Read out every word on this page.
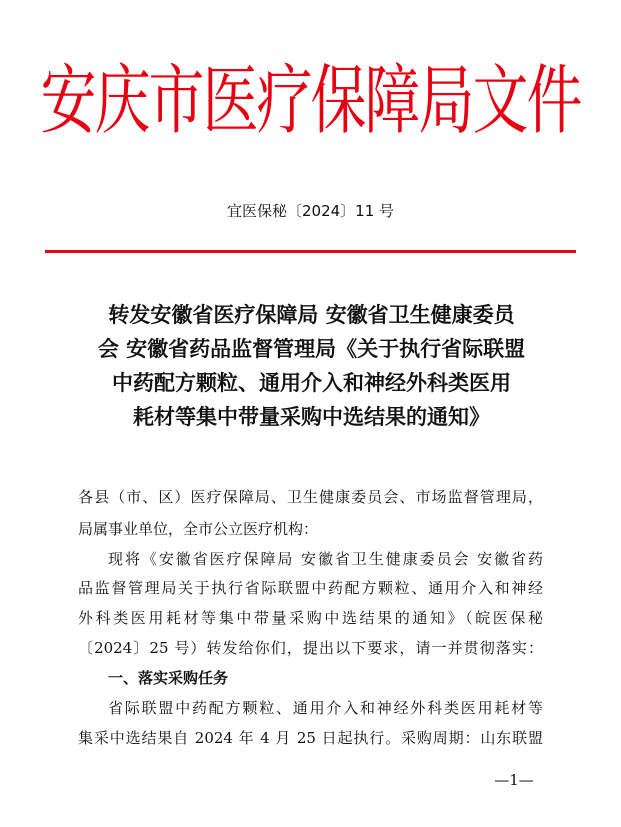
安庆市医疗保障局文件
宜医保秘〔2024〕11 号
转发安徽省医疗保障局 安徽省卫生健康委员
会 安徽省药品监督管理局《关于执行省际联盟
中药配方颗粒、通用介入和神经外科类医用
耗材等集中带量采购中选结果的通知》
各县（市、区）医疗保障局、卫生健康委员会、市场监督管理局，
局属事业单位，全市公立医疗机构：
现将《安徽省医疗保障局 安徽省卫生健康委员会 安徽省药
品监督管理局关于执行省际联盟中药配方颗粒、通用介入和神经
外科类医用耗材等集中带量采购中选结果的通知》（皖医保秘
〔2024〕25 号）转发给你们，提出以下要求，请一并贯彻落实：
一、落实采购任务
省际联盟中药配方颗粒、通用介入和神经外科类医用耗材等
集采中选结果自 2024 年 4 月 25 日起执行。采购周期：山东联盟
—1—
